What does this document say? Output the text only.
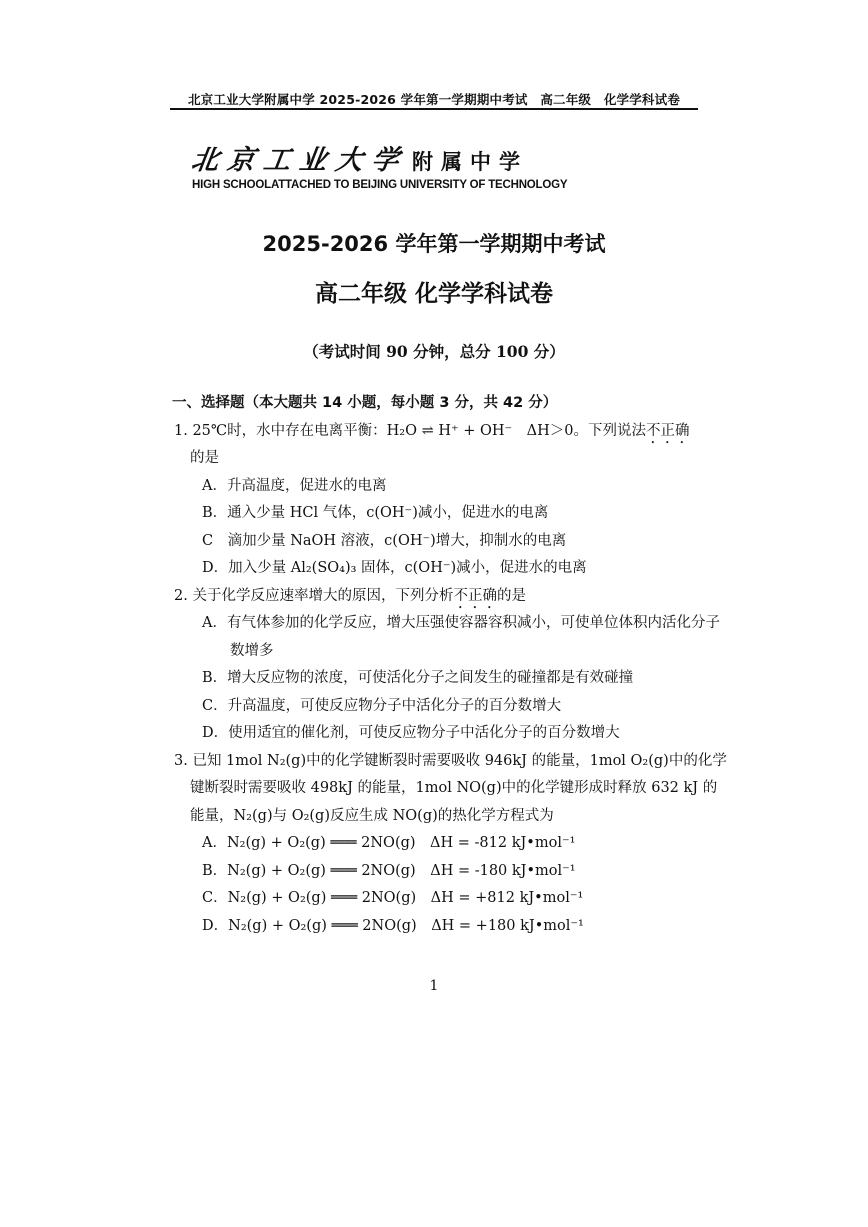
北京工业大学附属中学 2025-2026 学年第一学期期中考试　高二年级　化学学科试卷
北京工业大学 附属中学
HIGH SCHOOLATTACHED TO BEIJING UNIVERSITY OF TECHNOLOGY
2025-2026 学年第一学期期中考试
高二年级 化学学科试卷
（考试时间 90 分钟，总分 100 分）
一、选择题（本大题共 14 小题，每小题 3 分，共 42 分）
1. 25℃时，水中存在电离平衡：H₂O ⇌ H⁺ + OH⁻　ΔH＞0。下列说法不正确
的是
A．升高温度，促进水的电离
B．通入少量 HCl 气体，c(OH⁻)减小，促进水的电离
C　滴加少量 NaOH 溶液，c(OH⁻)增大，抑制水的电离
D．加入少量 Al₂(SO₄)₃ 固体，c(OH⁻)减小，促进水的电离
2. 关于化学反应速率增大的原因，下列分析不正确的是
A．有气体参加的化学反应，增大压强使容器容积减小，可使单位体积内活化分子
数增多
B．增大反应物的浓度，可使活化分子之间发生的碰撞都是有效碰撞
C．升高温度，可使反应物分子中活化分子的百分数增大
D．使用适宜的催化剂，可使反应物分子中活化分子的百分数增大
3. 已知 1mol N₂(g)中的化学键断裂时需要吸收 946kJ 的能量，1mol O₂(g)中的化学
键断裂时需要吸收 498kJ 的能量，1mol NO(g)中的化学键形成时释放 632 kJ 的
能量，N₂(g)与 O₂(g)反应生成 NO(g)的热化学方程式为
A．N₂(g) + O₂(g) ═══ 2NO(g)　ΔH = -812 kJ•mol⁻¹
B．N₂(g) + O₂(g) ═══ 2NO(g)　ΔH = -180 kJ•mol⁻¹
C．N₂(g) + O₂(g) ═══ 2NO(g)　ΔH = +812 kJ•mol⁻¹
D．N₂(g) + O₂(g) ═══ 2NO(g)　ΔH = +180 kJ•mol⁻¹
1
